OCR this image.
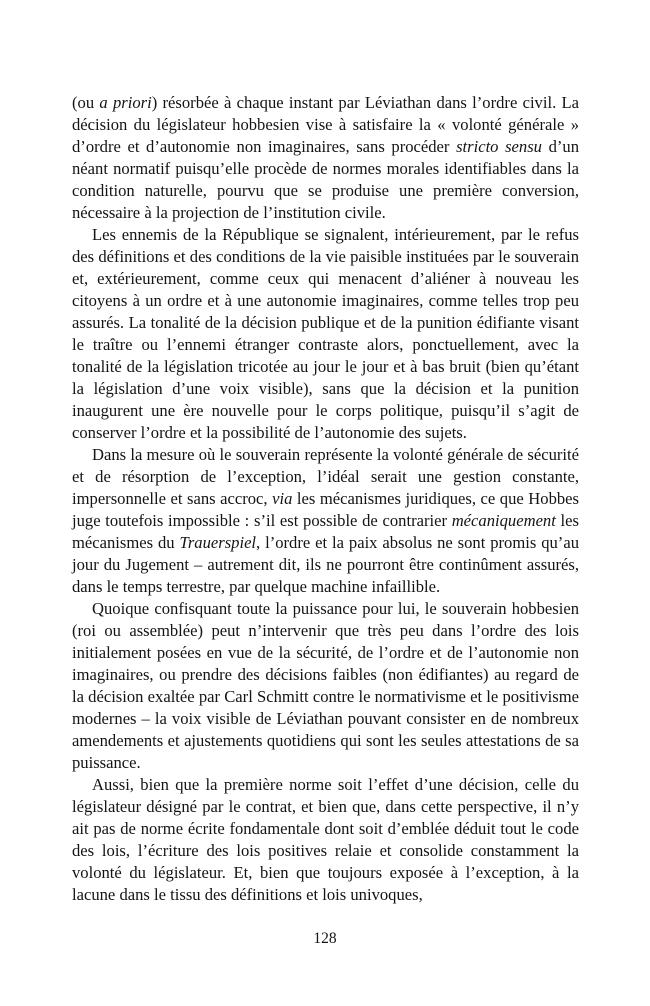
(ou a priori) résorbée à chaque instant par Léviathan dans l’ordre civil. La décision du législateur hobbesien vise à satisfaire la « volonté générale » d’ordre et d’autonomie non imaginaires, sans procéder stricto sensu d’un néant normatif puisqu’elle procède de normes morales identifiables dans la condition naturelle, pourvu que se produise une première conversion, nécessaire à la projection de l’institution civile.

Les ennemis de la République se signalent, intérieurement, par le refus des définitions et des conditions de la vie paisible instituées par le souverain et, extérieurement, comme ceux qui menacent d’aliéner à nouveau les citoyens à un ordre et à une autonomie imaginaires, comme telles trop peu assurés. La tonalité de la décision publique et de la punition édifiante visant le traître ou l’ennemi étranger contraste alors, ponctuellement, avec la tonalité de la législation tricotée au jour le jour et à bas bruit (bien qu’étant la législation d’une voix visible), sans que la décision et la punition inaugurent une ère nouvelle pour le corps politique, puisqu’il s’agit de conserver l’ordre et la possibilité de l’autonomie des sujets.

Dans la mesure où le souverain représente la volonté générale de sécurité et de résorption de l’exception, l’idéal serait une gestion constante, impersonnelle et sans accroc, via les mécanismes juridiques, ce que Hobbes juge toutefois impossible : s’il est possible de contrarier mécaniquement les mécanismes du Trauerspiel, l’ordre et la paix absolus ne sont promis qu’au jour du Jugement – autrement dit, ils ne pourront être continûment assurés, dans le temps terrestre, par quelque machine infaillible.

Quoique confisquant toute la puissance pour lui, le souverain hobbesien (roi ou assemblée) peut n’intervenir que très peu dans l’ordre des lois initialement posées en vue de la sécurité, de l’ordre et de l’autonomie non imaginaires, ou prendre des décisions faibles (non édifiantes) au regard de la décision exaltée par Carl Schmitt contre le normativisme et le positivisme modernes – la voix visible de Léviathan pouvant consister en de nombreux amendements et ajustements quotidiens qui sont les seules attestations de sa puissance.

Aussi, bien que la première norme soit l’effet d’une décision, celle du législateur désigné par le contrat, et bien que, dans cette perspective, il n’y ait pas de norme écrite fondamentale dont soit d’emblée déduit tout le code des lois, l’écriture des lois positives relaie et consolide constamment la volonté du législateur. Et, bien que toujours exposée à l’exception, à la lacune dans le tissu des définitions et lois univoques,

128
